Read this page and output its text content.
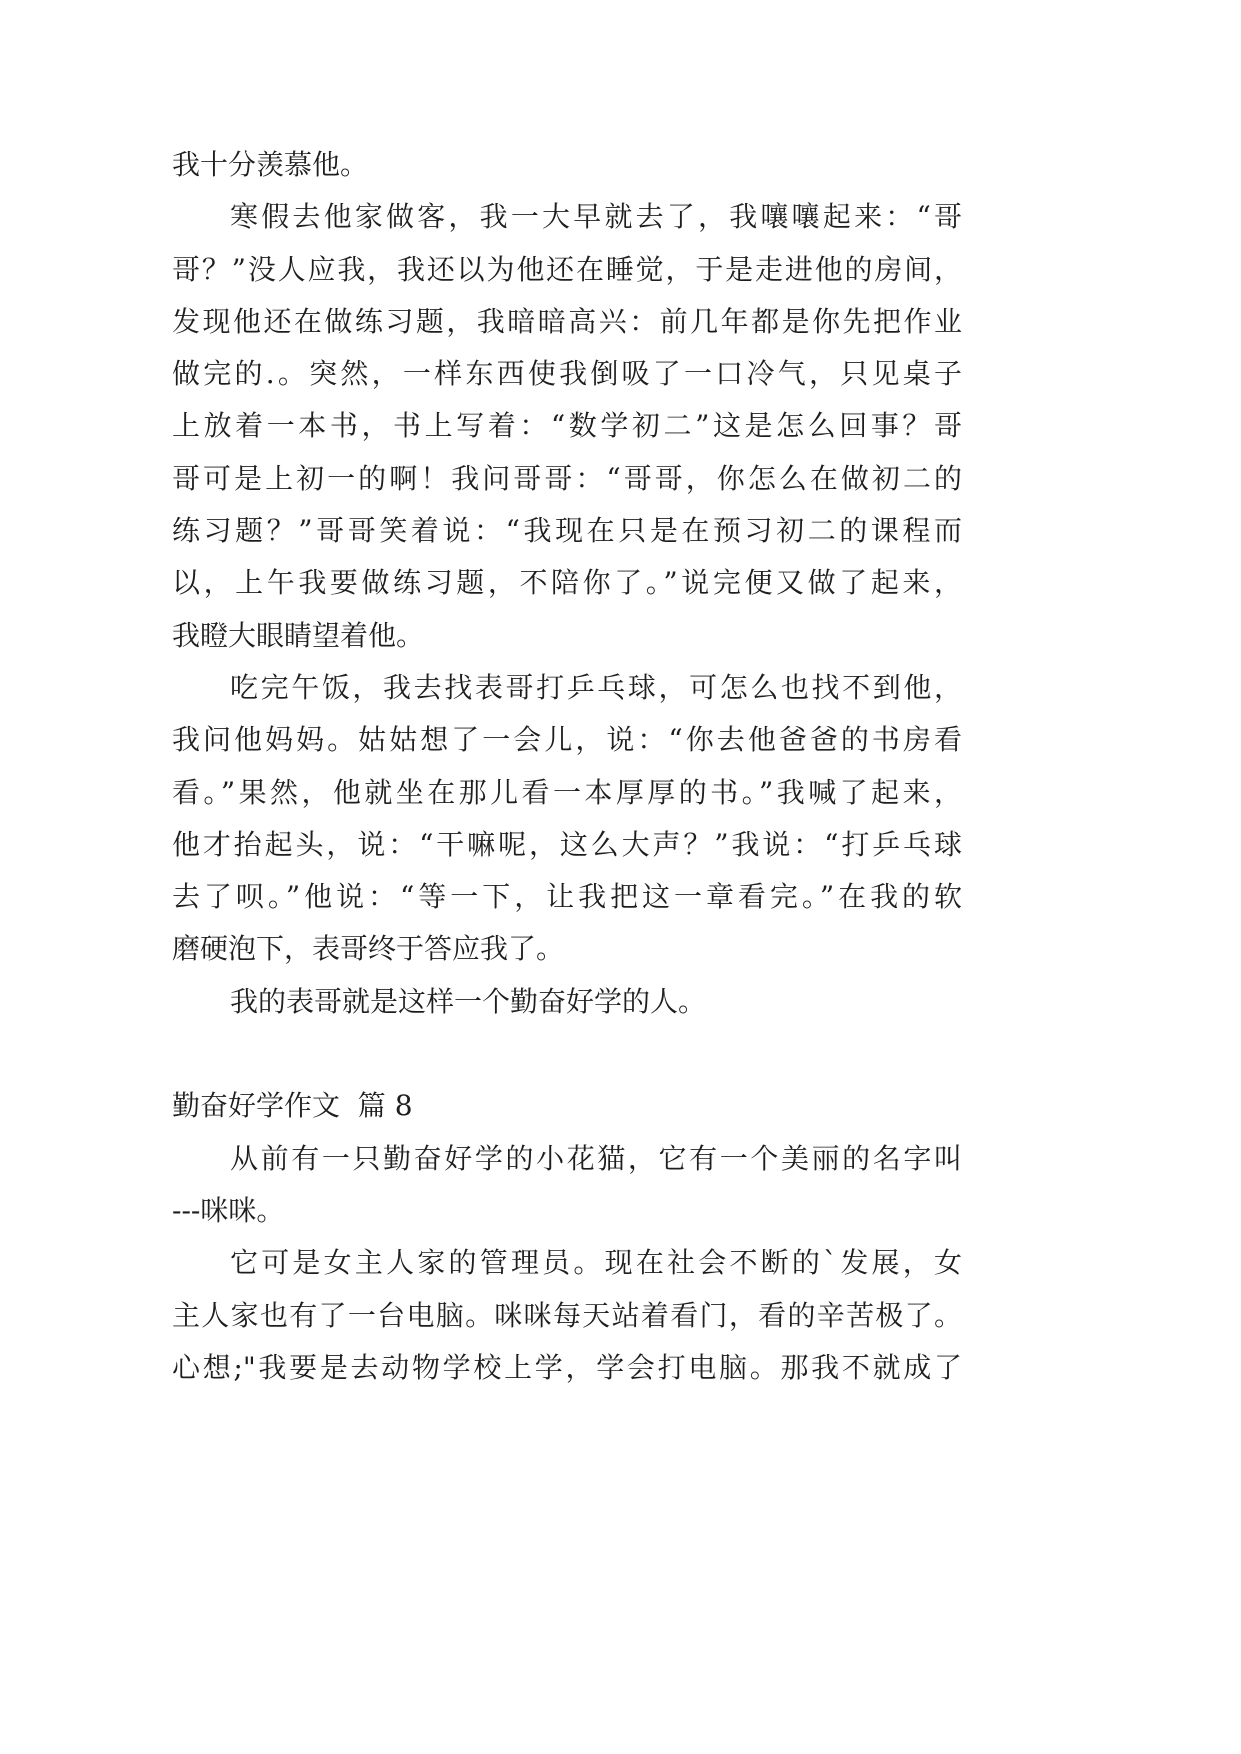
我十分羡慕他。
寒假去他家做客，我一大早就去了，我嚷嚷起来：“哥
哥？”没人应我，我还以为他还在睡觉，于是走进他的房间，
发现他还在做练习题，我暗暗高兴：前几年都是你先把作业
做完的.。突然，一样东西使我倒吸了一口冷气，只见桌子
上放着一本书，书上写着：“数学初二”这是怎么回事？哥
哥可是上初一的啊！我问哥哥：“哥哥，你怎么在做初二的
练习题？”哥哥笑着说：“我现在只是在预习初二的课程而
以，上午我要做练习题，不陪你了。”说完便又做了起来，
我瞪大眼睛望着他。
吃完午饭，我去找表哥打乒乓球，可怎么也找不到他，
我问他妈妈。姑姑想了一会儿，说：“你去他爸爸的书房看
看。”果然，他就坐在那儿看一本厚厚的书。”我喊了起来，
他才抬起头，说：“干嘛呢，这么大声？”我说：“打乒乓球
去了呗。”他说：“等一下，让我把这一章看完。”在我的软
磨硬泡下，表哥终于答应我了。
我的表哥就是这样一个勤奋好学的人。
勤奋好学作文  篇 8
从前有一只勤奋好学的小花猫，它有一个美丽的名字叫
---咪咪。
它可是女主人家的管理员。现在社会不断的`发展，女
主人家也有了一台电脑。咪咪每天站着看门，看的辛苦极了。
心想;"我要是去动物学校上学，学会打电脑。那我不就成了
